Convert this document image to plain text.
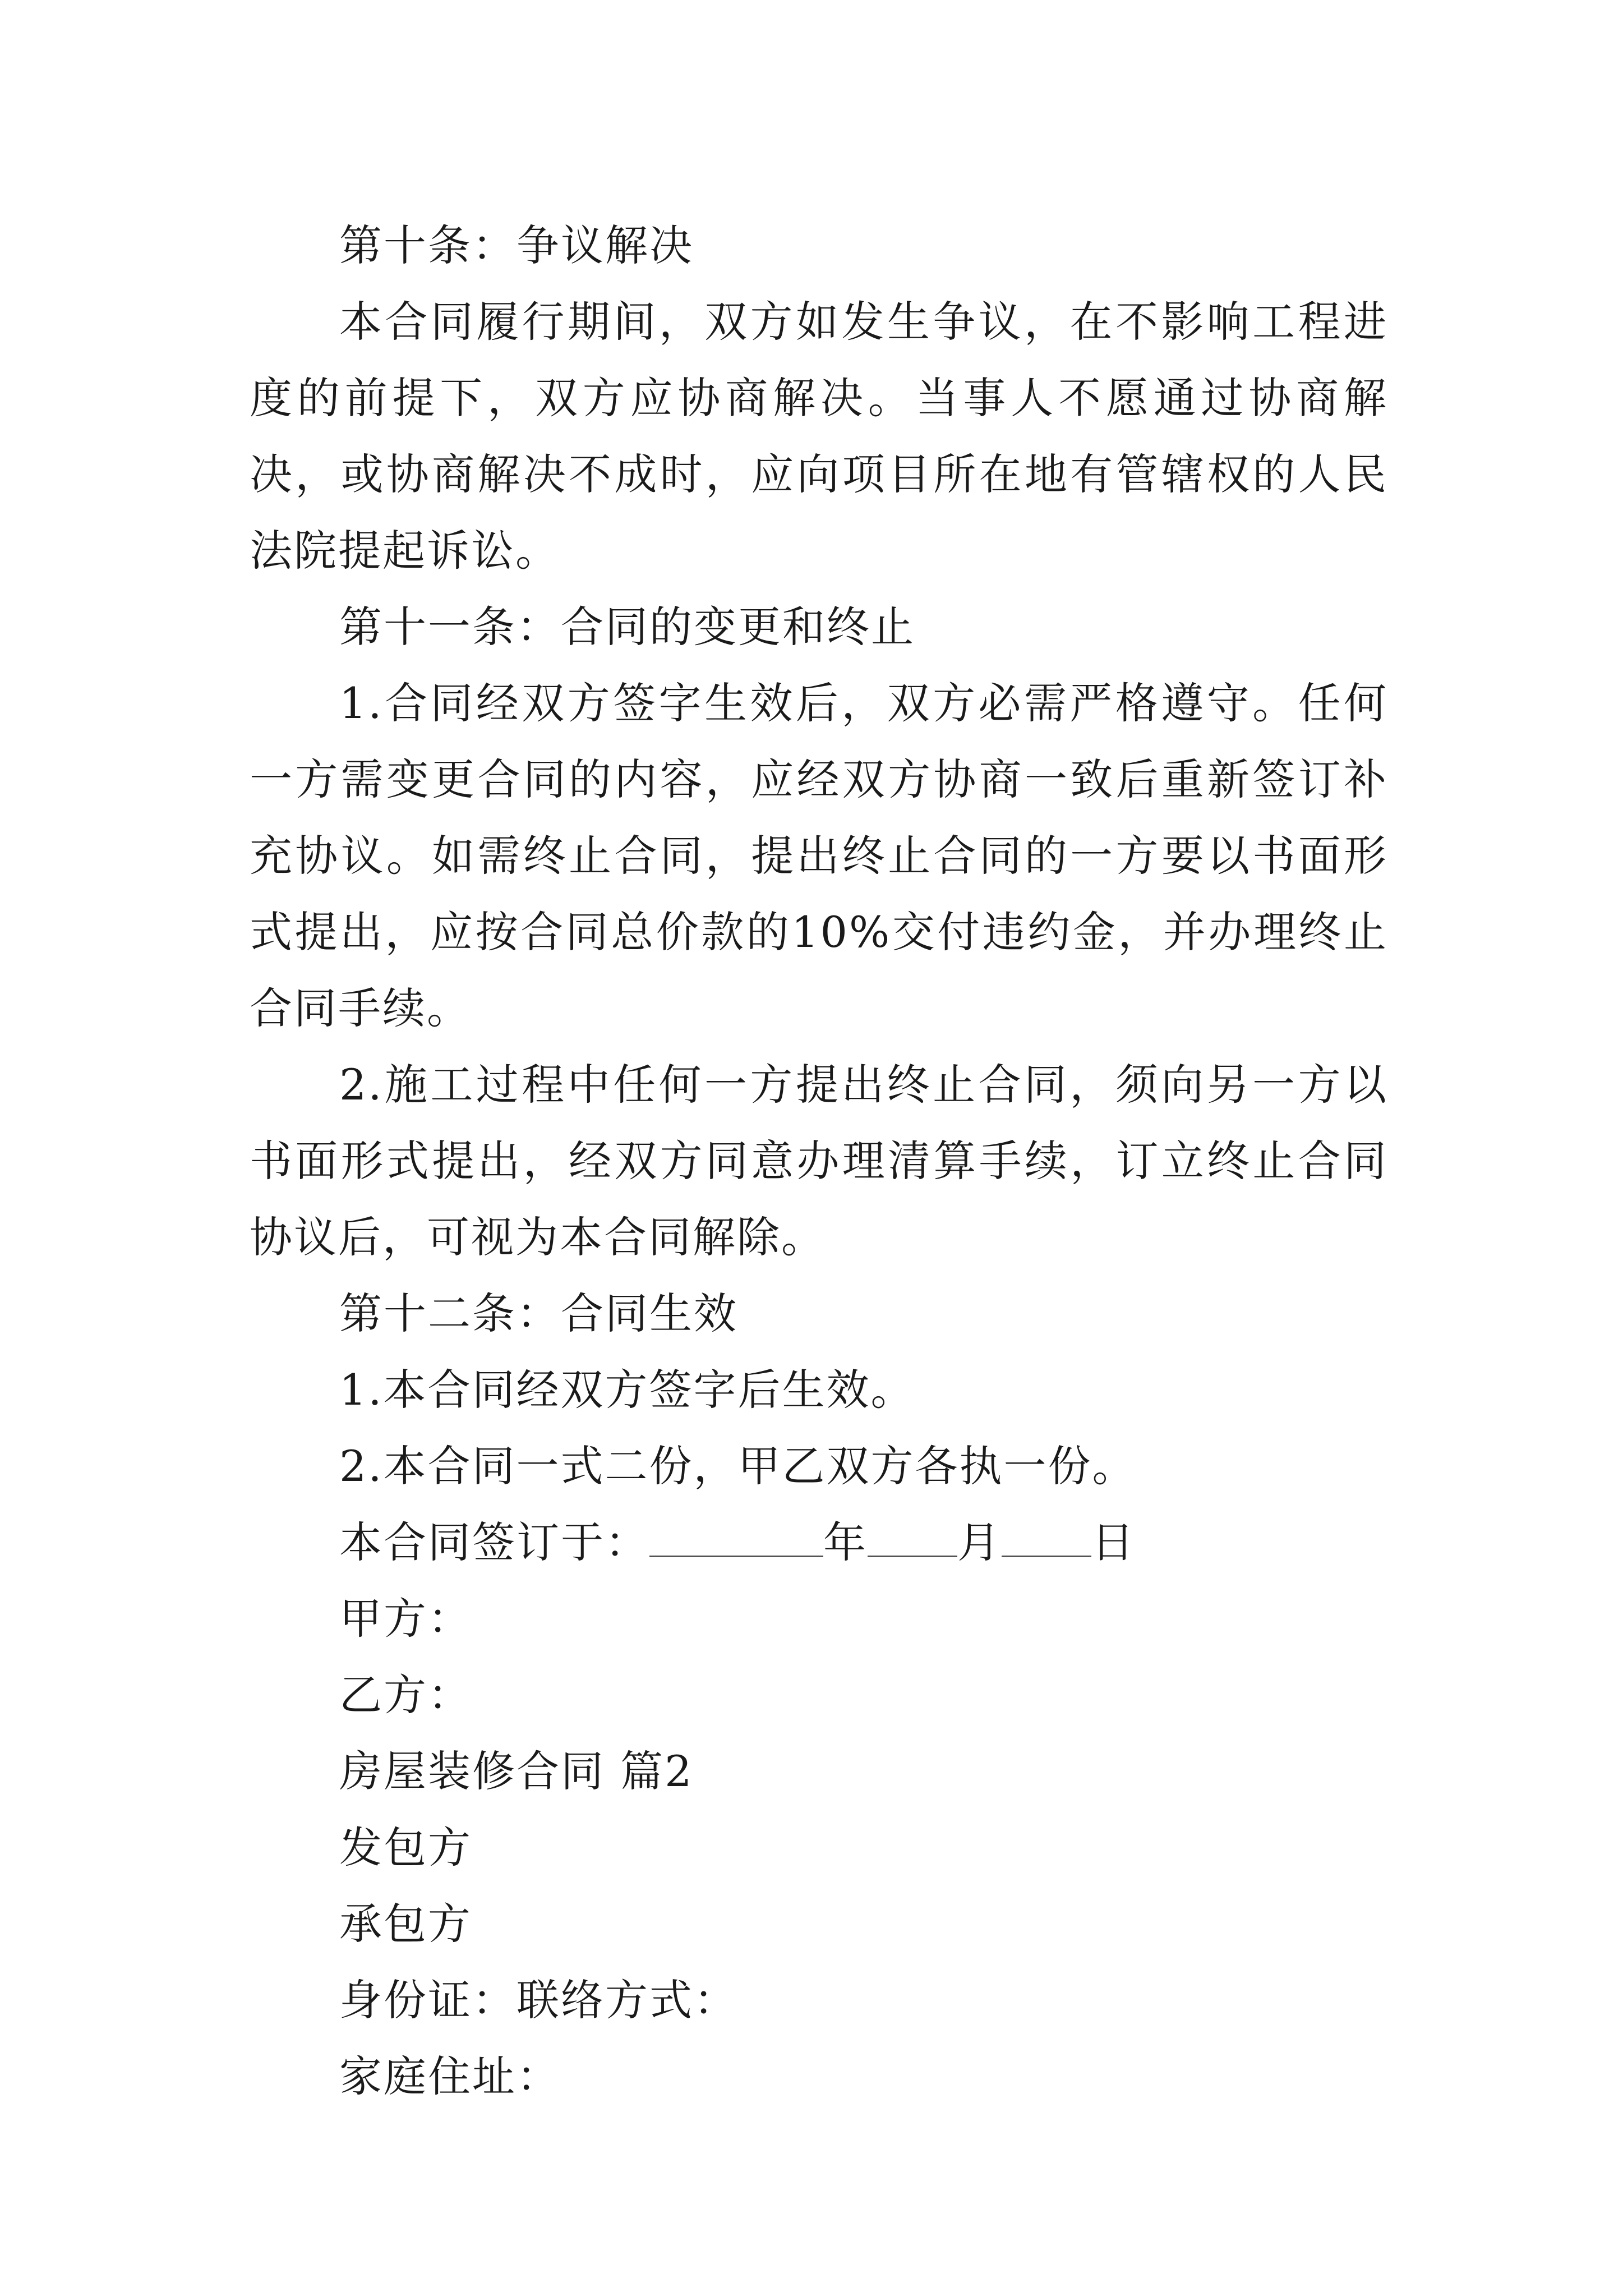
第十条：争议解决

本合同履行期间，双方如发生争议，在不影响工程进度的前提下，双方应协商解决。当事人不愿通过协商解决，或协商解决不成时，应向项目所在地有管辖权的人民法院提起诉讼。

第十一条：合同的变更和终止

1.合同经双方签字生效后，双方必需严格遵守。任何一方需变更合同的内容，应经双方协商一致后重新签订补充协议。如需终止合同，提出终止合同的一方要以书面形式提出，应按合同总价款的10%交付违约金，并办理终止合同手续。

2.施工过程中任何一方提出终止合同，须向另一方以书面形式提出，经双方同意办理清算手续，订立终止合同协议后，可视为本合同解除。

第十二条：合同生效
1.本合同经双方签字后生效。
2.本合同一式二份，甲乙双方各执一份。
本合同签订于：	年 月 日
甲方：
乙方：
房屋装修合同 篇2
发包方
承包方
身份证：联络方式：
家庭住址：
